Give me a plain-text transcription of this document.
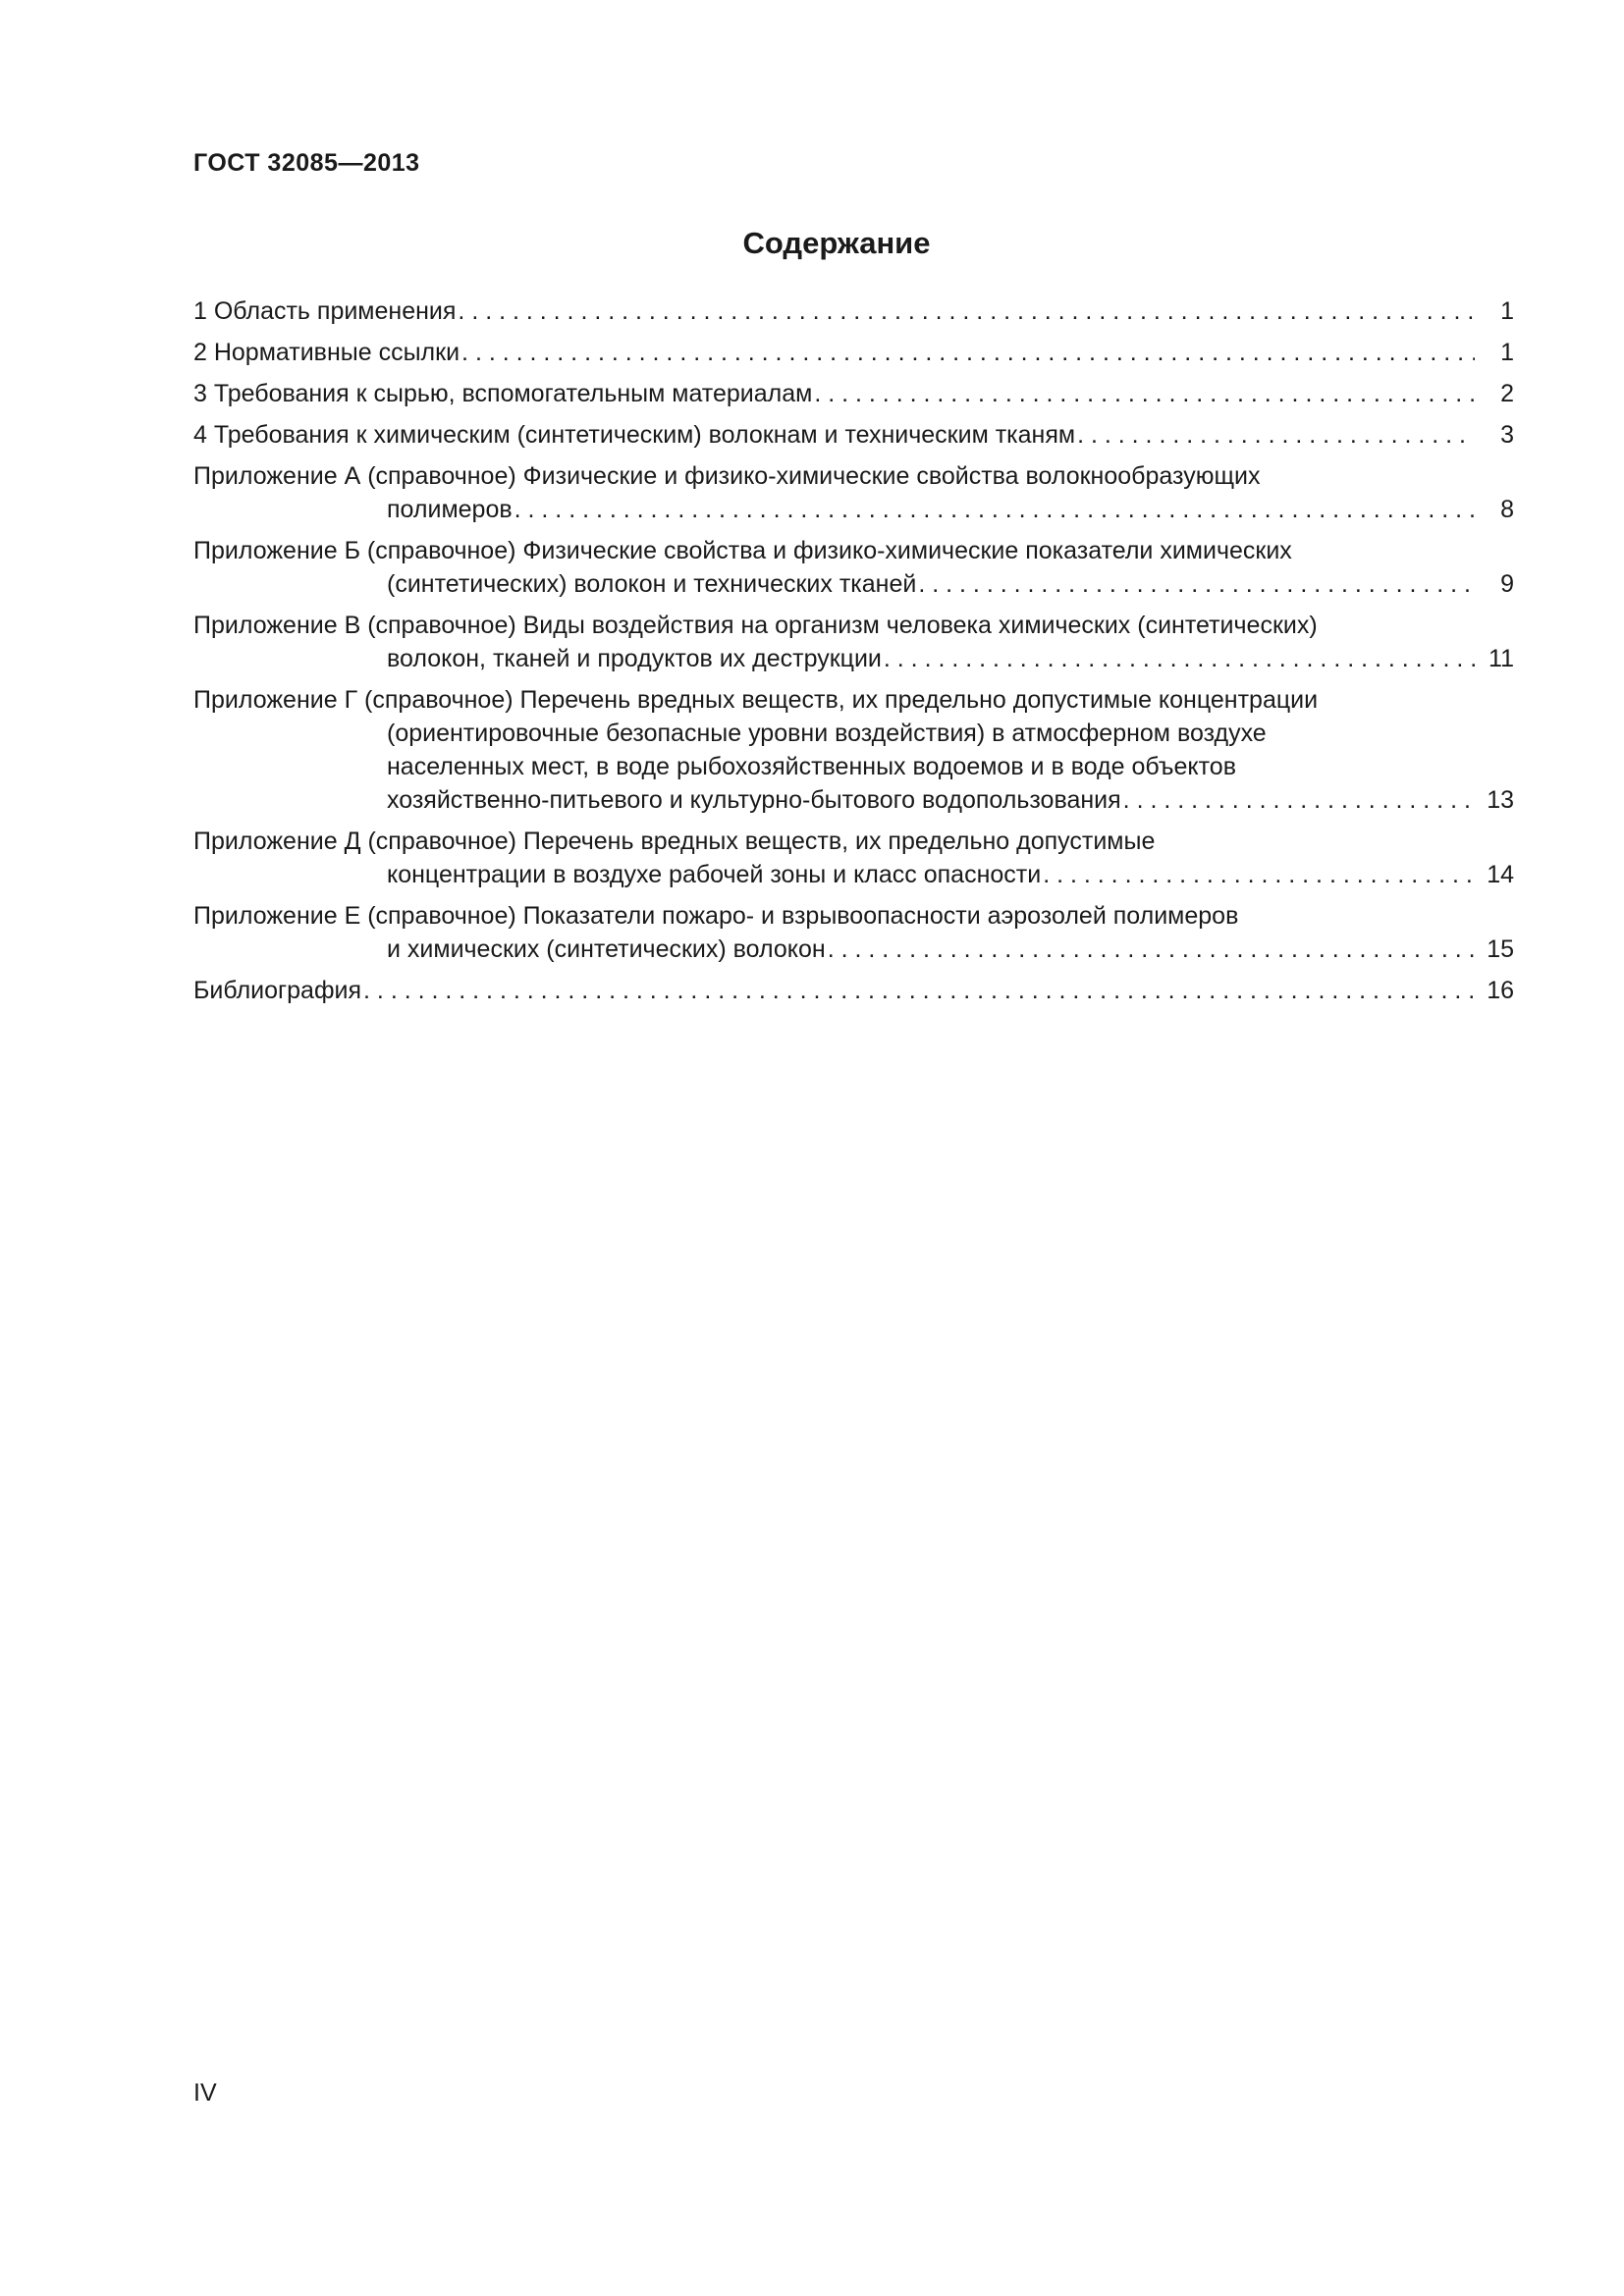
ГОСТ 32085—2013
Содержание
1 Область применения . . .	1
2 Нормативные ссылки . . .	1
3 Требования к сырью, вспомогательным материалам . . .	2
4 Требования к химическим (синтетическим) волокнам и техническим тканям . . .	3
Приложение А (справочное) Физические и физико-химические свойства волокнообразующих
полимеров . . .	8
Приложение Б (справочное) Физические свойства и физико-химические показатели химических
(синтетических) волокон и технических тканей . . .	9
Приложение В (справочное) Виды воздействия на организм человека химических (синтетических)
волокон, тканей и продуктов их деструкции . . .	11
Приложение Г (справочное) Перечень вредных веществ, их предельно допустимые концентрации
(ориентировочные безопасные уровни воздействия) в атмосферном воздухе
населенных мест, в воде рыбохозяйственных водоемов и в воде объектов
хозяйственно-питьевого и культурно-бытового водопользования . . .	13
Приложение Д (справочное) Перечень вредных веществ, их предельно допустимые
концентрации в воздухе рабочей зоны и класс опасности . . .	14
Приложение Е (справочное) Показатели пожаро- и взрывоопасности аэрозолей полимеров
и химических (синтетических) волокон . . .	15
Библиография . . .	16
IV
